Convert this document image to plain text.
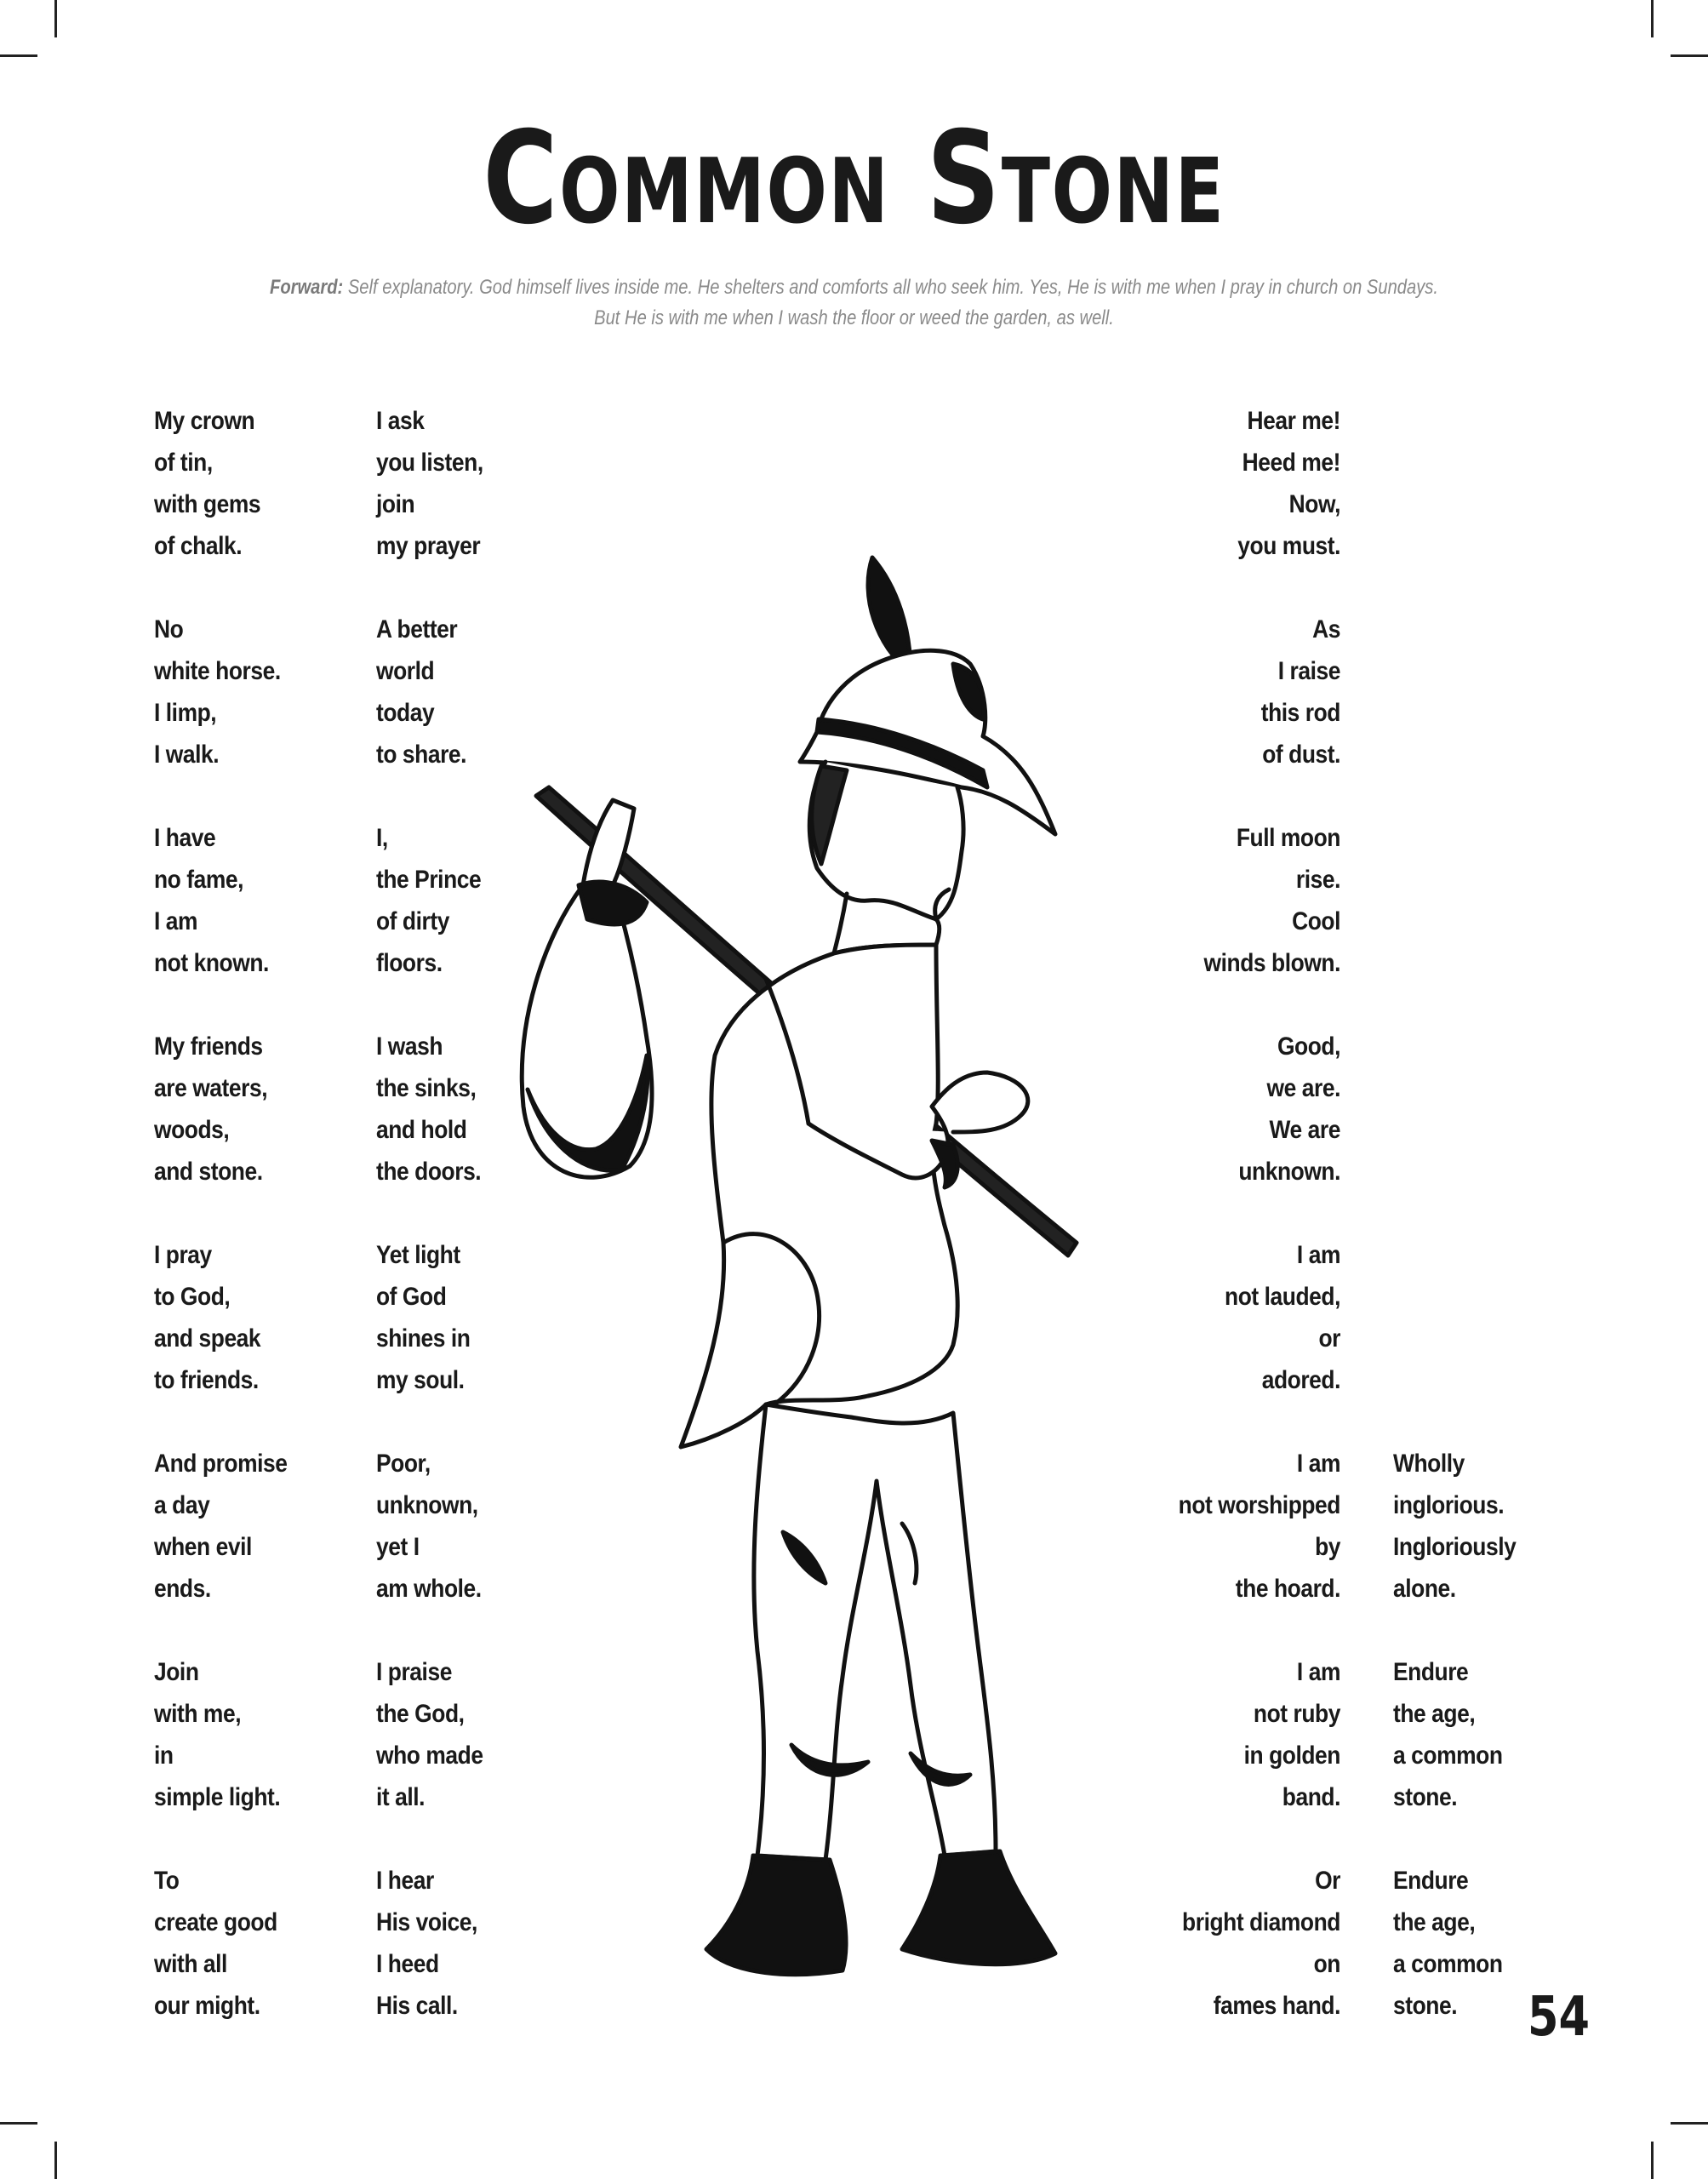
Common Stone
Forward: Self explanatory. God himself lives inside me. He shelters and comforts all who seek him. Yes, He is with me when I pray in church on Sundays.
But He is with me when I wash the floor or weed the garden, as well.
My crown
of tin,
with gems
of chalk.
No
white horse.
I limp,
I walk.
I have
no fame,
I am
not known.
My friends
are waters,
woods,
and stone.
I pray
to God,
and speak
to friends.
And promise
a day
when evil
ends.
Join
with me,
in
simple light.
To
create good
with all
our might.
I ask
you listen,
join
my prayer
A better
world
today
to share.
I,
the Prince
of dirty
floors.
I wash
the sinks,
and hold
the doors.
Yet light
of God
shines in
my soul.
Poor,
unknown,
yet I
am whole.
I praise
the God,
who made
it all.
I hear
His voice,
I heed
His call.
Hear me!
Heed me!
Now,
you must.
As
I raise
this rod
of dust.
Full moon
rise.
Cool
winds blown.
Good,
we are.
We are
unknown.
I am
not lauded,
or
adored.
I am
not worshipped
by
the hoard.
I am
not ruby
in golden
band.
Or
bright diamond
on
fames hand.
Wholly
inglorious.
Ingloriously
alone.
Endure
the age,
a common
stone.
Endure
the age,
a common
stone.	54
